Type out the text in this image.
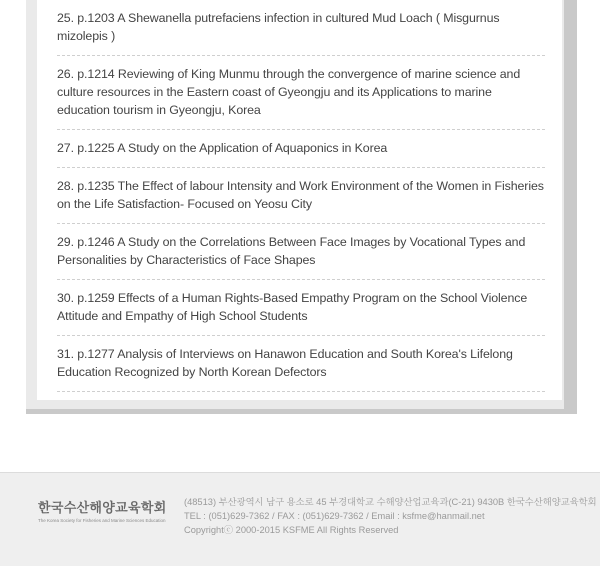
25. p.1203 A Shewanella putrefaciens infection in cultured Mud Loach ( Misgurnus mizolepis )
26. p.1214 Reviewing of King Munmu through the convergence of marine science and culture resources in the Eastern coast of Gyeongju and its Applications to marine education tourism in Gyeongju, Korea
27. p.1225 A Study on the Application of Aquaponics in Korea
28. p.1235 The Effect of labour Intensity and Work Environment of the Women in Fisheries on the Life Satisfaction- Focused on Yeosu City
29. p.1246 A Study on the Correlations Between Face Images by Vocational Types and Personalities by Characteristics of Face Shapes
30. p.1259 Effects of a Human Rights-Based Empathy Program on the School Violence Attitude and Empathy of High School Students
31. p.1277 Analysis of Interviews on Hanawon Education and South Korea's Lifelong Education Recognized by North Korean Defectors
한국수산해양교육학회
The Korea Society for Fisheries and Marine Sciences Education
(48513) 부산광역시 남구 용소로 45 부경대학교 수해양산업교육과(C-21) 9430B 한국수산해양교육학회
TEL : (051)629-7362 / FAX : (051)629-7362 / Email : ksfme@hanmail.net
Copyrightⓒ 2000-2015 KSFME All Rights Reserved
